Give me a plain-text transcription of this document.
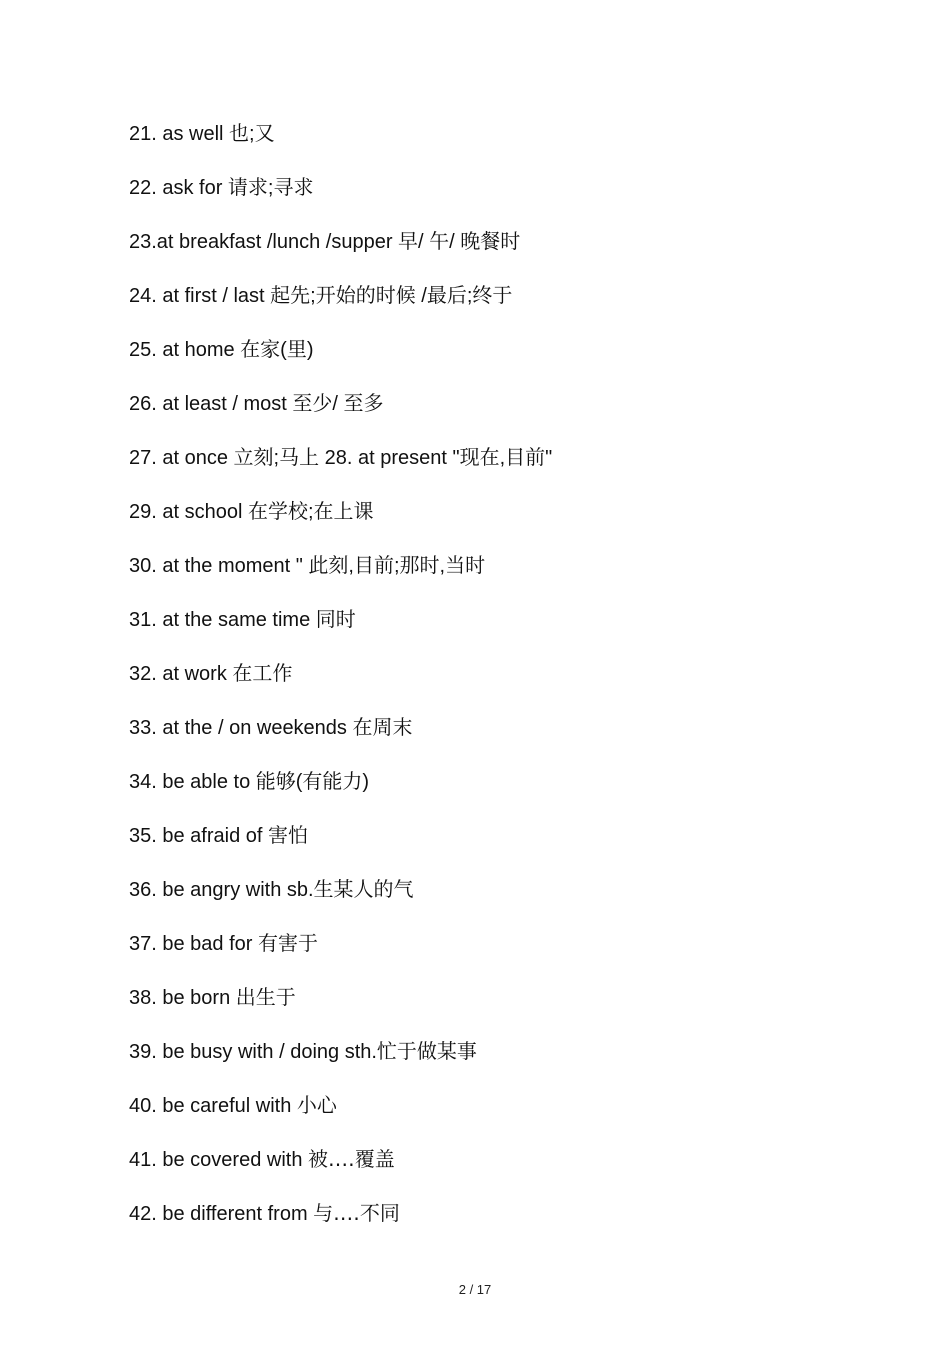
21. as well 也;又
22. ask for 请求;寻求
23.at breakfast /lunch /supper 早/ 午/ 晚餐时
24. at first / last 起先;开始的时候 /最后;终于
25. at home 在家(里)
26. at least / most 至少/ 至多
27. at once 立刻;马上 28. at present "现在,目前"
29. at school 在学校;在上课
30. at the moment " 此刻,目前;那时,当时
31. at the same time 同时
32. at work 在工作
33. at the / on weekends 在周末
34. be able to 能够(有能力)
35. be afraid of 害怕
36. be angry with sb.生某人的气
37. be bad for 有害于
38. be born 出生于
39. be busy with / doing sth.忙于做某事
40. be careful with 小心
41. be covered with 被‥‥覆盖
42. be different from 与‥‥不同
2 / 17
